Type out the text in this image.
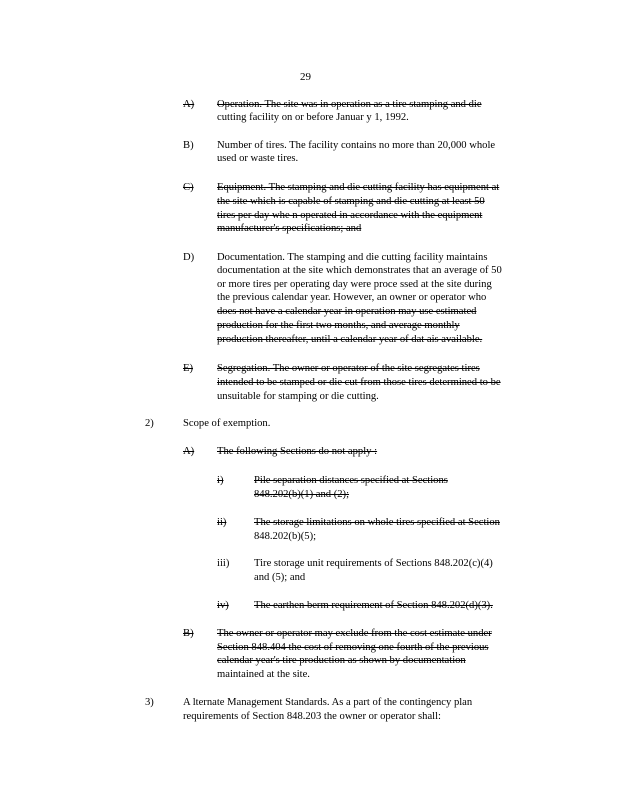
29
A) Operation. The site was in operation as a tire stamping and die
cutting facility on or before Januar y 1, 1992.
B) Number of tires. The facility contains no more than 20,000 whole
used or waste tires.
C) Equipment. The stamping and die cutting facility has equipment at
the site which is capable of stamping and die cutting at least 50
tires per day whe n operated in accordance with the equipment
manufacturer's specifications; and
D) Documentation. The stamping and die cutting facility maintains
documentation at the site which demonstrates that an average of 50
or more tires per operating day were proce ssed at the site during
the previous calendar year. However, an owner or operator who
does not have a calendar year in operation may use estimated
production for the first two months, and average monthly
production thereafter, until a calendar year of dat ais available.
E) Segregation. The owner or operator of the site segregates tires
intended to be stamped or die cut from those tires determined to be
unsuitable for stamping or die cutting.
2)	Scope of exemption.
A) The following Sections do not apply :
i)	Pile separation distances specified at Sections
848.202(b)(1) and (2);
ii)	The storage limitations on whole tires specified at Section
848.202(b)(5);
iii) Tire storage unit requirements of Sections 848.202(c)(4)
and (5); and
iv) The earthen berm requirement of Section 848.202(d)(3).
B) The owner or operator may exclude from the cost estimate under
Section 848.404 the cost of removing one fourth of the previous
calendar year's tire production as shown by documentation
maintained at the site.
3)	A lternate Management Standards. As a part of the contingency plan
requirements of Section 848.203 the owner or operator shall:
